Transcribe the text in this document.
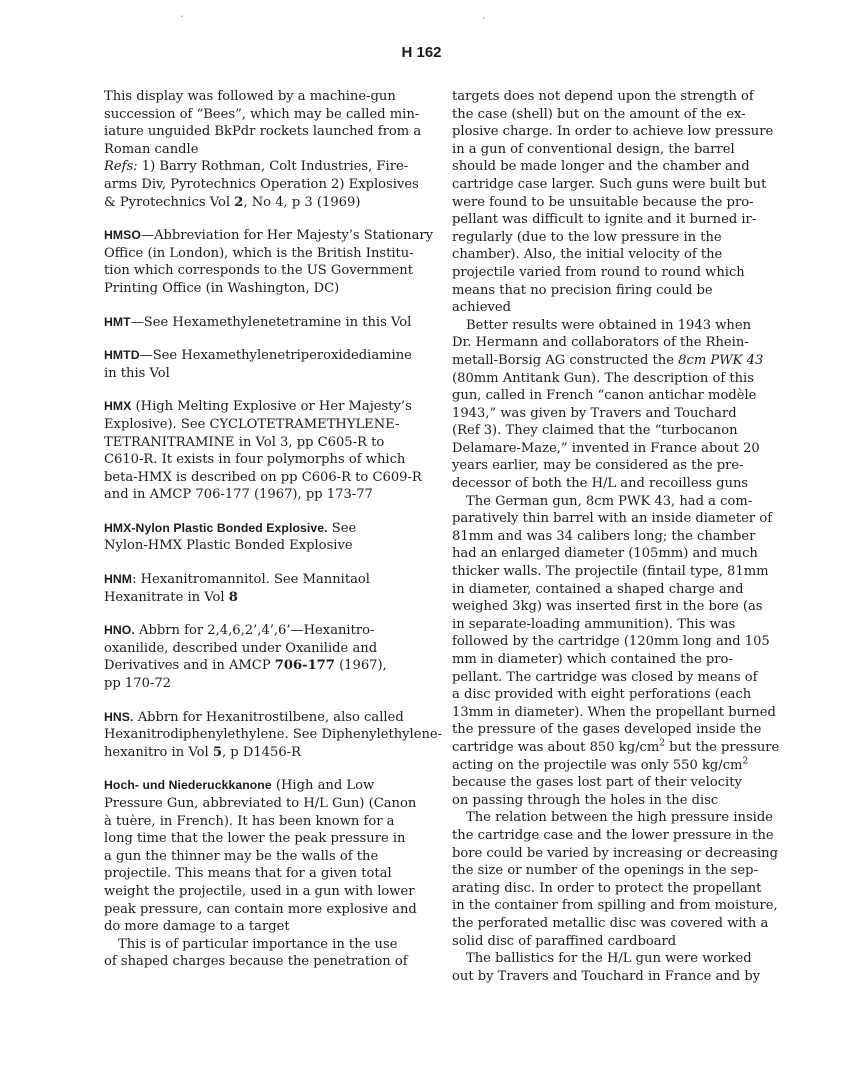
H 162
·	·
This display was followed by a machine-gun
succession of “Bees”, which may be called min-
iature unguided BkPdr rockets launched from a
Roman candle
Refs: 1) Barry Rothman, Colt Industries, Fire-
arms Div, Pyrotechnics Operation 2) Explosives
& Pyrotechnics Vol 2, No 4, p 3 (1969)
HMSO—Abbreviation for Her Majesty’s Stationary
Office (in London), which is the British Institu-
tion which corresponds to the US Government
Printing Office (in Washington, DC)
HMT—See Hexamethylenetetramine in this Vol
HMTD—See Hexamethylenetriperoxidediamine
in this Vol
HMX (High Melting Explosive or Her Majesty’s
Explosive). See CYCLOTETRAMETHYLENE-
TETRANITRAMINE in Vol 3, pp C605-R to
C610-R. It exists in four polymorphs of which
beta-HMX is described on pp C606-R to C609-R
and in AMCP 706-177 (1967), pp 173-77
HMX-Nylon Plastic Bonded Explosive. See
Nylon-HMX Plastic Bonded Explosive
HNM: Hexanitromannitol. See Mannitaol
Hexanitrate in Vol 8
HNO. Abbrn for 2,4,6,2’,4’,6’—Hexanitro-
oxanilide, described under Oxanilide and
Derivatives and in AMCP 706-177 (1967),
pp 170-72
HNS. Abbrn for Hexanitrostilbene, also called
Hexanitrodiphenylethylene. See Diphenylethylene-
hexanitro in Vol 5, p D1456-R
Hoch- und Niederuckkanone (High and Low
Pressure Gun, abbreviated to H/L Gun) (Canon
à tuère, in French). It has been known for a
long time that the lower the peak pressure in
a gun the thinner may be the walls of the
projectile. This means that for a given total
weight the projectile, used in a gun with lower
peak pressure, can contain more explosive and
do more damage to a target
This is of particular importance in the use
of shaped charges because the penetration of
targets does not depend upon the strength of
the case (shell) but on the amount of the ex-
plosive charge. In order to achieve low pressure
in a gun of conventional design, the barrel
should be made longer and the chamber and
cartridge case larger. Such guns were built but
were found to be unsuitable because the pro-
pellant was difficult to ignite and it burned ir-
regularly (due to the low pressure in the
chamber). Also, the initial velocity of the
projectile varied from round to round which
means that no precision firing could be
achieved
Better results were obtained in 1943 when
Dr. Hermann and collaborators of the Rhein-
metall-Borsig AG constructed the 8cm PWK 43
(80mm Antitank Gun). The description of this
gun, called in French “canon antichar modèle
1943,” was given by Travers and Touchard
(Ref 3). They claimed that the “turbocanon
Delamare-Maze,” invented in France about 20
years earlier, may be considered as the pre-
decessor of both the H/L and recoilless guns
The German gun, 8cm PWK 43, had a com-
paratively thin barrel with an inside diameter of
81mm and was 34 calibers long; the chamber
had an enlarged diameter (105mm) and much
thicker walls. The projectile (fintail type, 81mm
in diameter, contained a shaped charge and
weighed 3kg) was inserted first in the bore (as
in separate-loading ammunition). This was
followed by the cartridge (120mm long and 105
mm in diameter) which contained the pro-
pellant. The cartridge was closed by means of
a disc provided with eight perforations (each
13mm in diameter). When the propellant burned
the pressure of the gases developed inside the
cartridge was about 850 $kg/cm^2$ but the pressure
acting on the projectile was only 550 $kg/cm^2$
because the gases lost part of their velocity
on passing through the holes in the disc
The relation between the high pressure inside
the cartridge case and the lower pressure in the
bore could be varied by increasing or decreasing
the size or number of the openings in the sep-
arating disc. In order to protect the propellant
in the container from spilling and from moisture,
the perforated metallic disc was covered with a
solid disc of paraffined cardboard
The ballistics for the H/L gun were worked
out by Travers and Touchard in France and by
